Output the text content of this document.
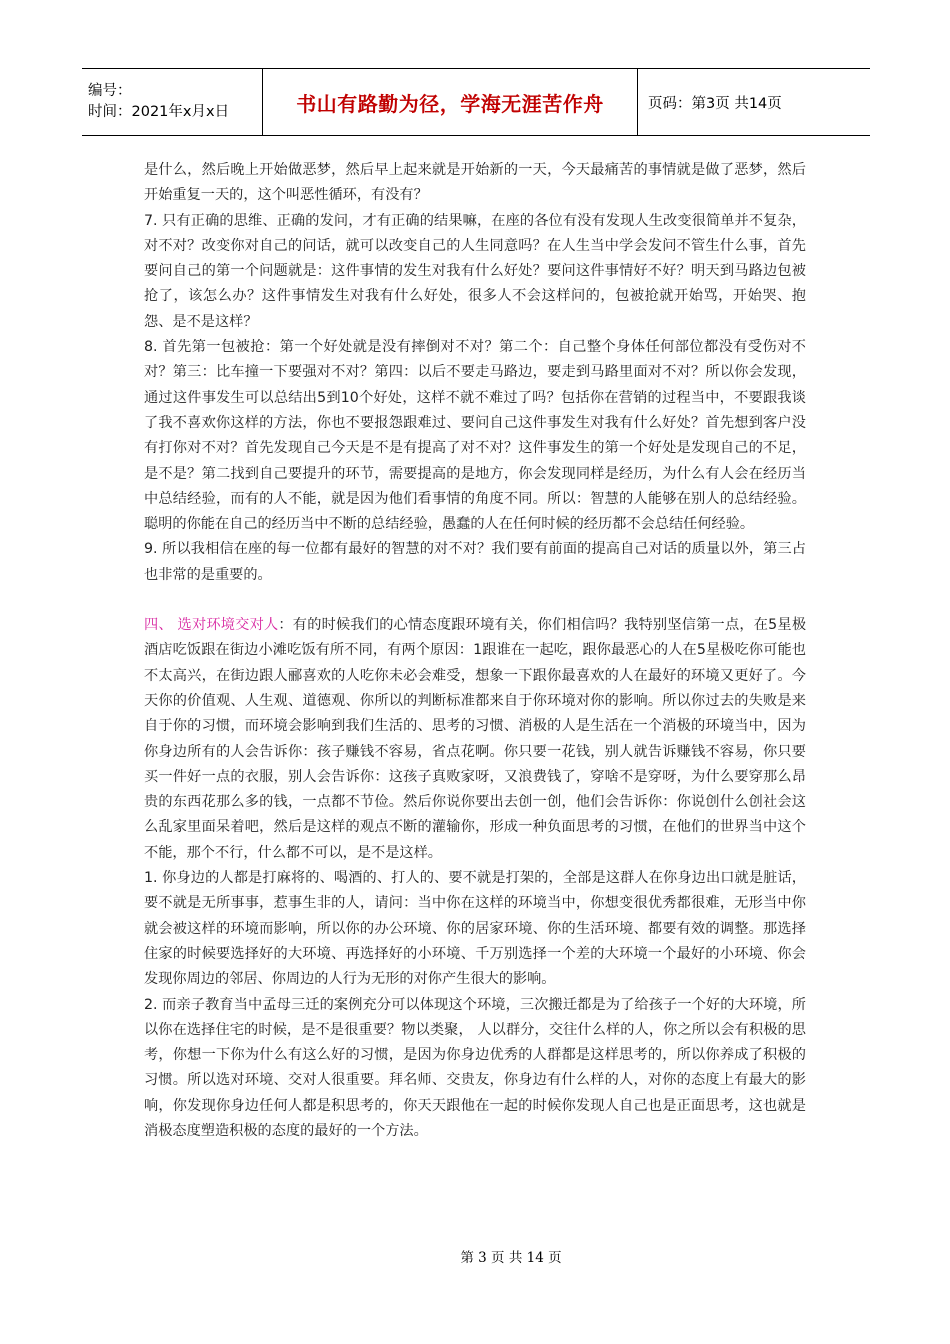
编号：
时间：2021年x月x日	书山有路勤为径，学海无涯苦作舟	页码：第3页 共14页

是什么，然后晚上开始做恶梦，然后早上起来就是开始新的一天，今天最痛苦的事情就是做了恶梦，然后开始重复一天的，这个叫恶性循环，有没有？

7. 只有正确的思维、正确的发问，才有正确的结果嘛，在座的各位有没有发现人生改变很简单并不复杂，对不对？改变你对自己的问话，就可以改变自己的人生同意吗？在人生当中学会发问不管生什么事，首先要问自己的第一个问题就是：这件事情的发生对我有什么好处？要问这件事情好不好？明天到马路边包被抢了，该怎么办？这件事情发生对我有什么好处，很多人不会这样问的，包被抢就开始骂，开始哭、抱怨、是不是这样？

8. 首先第一包被抢：第一个好处就是没有摔倒对不对？第二个：自己整个身体任何部位都没有受伤对不对？第三：比车撞一下要强对不对？第四：以后不要走马路边，要走到马路里面对不对？所以你会发现，通过这件事发生可以总结出5到10个好处，这样不就不难过了吗？包括你在营销的过程当中，不要跟我谈了我不喜欢你这样的方法，你也不要报怨跟难过、要问自己这件事发生对我有什么好处？首先想到客户没有打你对不对？首先发现自己今天是不是有提高了对不对？这件事发生的第一个好处是发现自己的不足，是不是？第二找到自己要提升的环节，需要提高的是地方，你会发现同样是经历，为什么有人会在经历当中总结经验，而有的人不能，就是因为他们看事情的角度不同。所以：智慧的人能够在别人的总结经验。聪明的你能在自己的经历当中不断的总结经验，愚蠢的人在任何时候的经历都不会总结任何经验。

9. 所以我相信在座的每一位都有最好的智慧的对不对？我们要有前面的提高自己对话的质量以外，第三占也非常的是重要的。

四、 选对环境交对人：有的时候我们的心情态度跟环境有关，你们相信吗？我特别坚信第一点，在5星极酒店吃饭跟在街边小滩吃饭有所不同，有两个原因：1跟谁在一起吃，跟你最恶心的人在5星极吃你可能也不太高兴，在街边跟人郦喜欢的人吃你未必会难受，想象一下跟你最喜欢的人在最好的环境又更好了。今天你的价值观、人生观、道德观、你所以的判断标准都来自于你环境对你的影响。所以你过去的失败是来自于你的习惯，而环境会影响到我们生活的、思考的习惯、消极的人是生活在一个消极的环境当中，因为你身边所有的人会告诉你：孩子赚钱不容易，省点花啊。你只要一花钱，别人就告诉赚钱不容易，你只要买一件好一点的衣服，别人会告诉你：这孩子真败家呀，又浪费钱了，穿啥不是穿呀，为什么要穿那么昂贵的东西花那么多的钱，一点都不节俭。然后你说你要出去创一创，他们会告诉你：你说创什么创社会这么乱家里面呆着吧，然后是这样的观点不断的灌输你，形成一种负面思考的习惯，在他们的世界当中这个不能，那个不行，什么都不可以，是不是这样。

1. 你身边的人都是打麻将的、喝酒的、打人的、要不就是打架的，全部是这群人在你身边出口就是脏话，要不就是无所事事，惹事生非的人，请问：当中你在这样的环境当中，你想变很优秀都很难，无形当中你就会被这样的环境而影响，所以你的办公环境、你的居家环境、你的生活环境、都要有效的调整。那选择住家的时候要选择好的大环境、再选择好的小环境、千万别选择一个差的大环境一个最好的小环境、你会发现你周边的邻居、你周边的人行为无形的对你产生很大的影响。

2. 而亲子教育当中孟母三迁的案例充分可以体现这个环境，三次搬迁都是为了给孩子一个好的大环境，所以你在选择住宅的时候，是不是很重要？物以类聚， 人以群分，交往什么样的人，你之所以会有积极的思考，你想一下你为什么有这么好的习惯，是因为你身边优秀的人群都是这样思考的，所以你养成了积极的习惯。所以选对环境、交对人很重要。拜名师、交贵友，你身边有什么样的人，对你的态度上有最大的影响，你发现你身边任何人都是积思考的，你天天跟他在一起的时候你发现人自己也是正面思考，这也就是消极态度塑造积极的态度的最好的一个方法。

第 3 页 共 14 页
